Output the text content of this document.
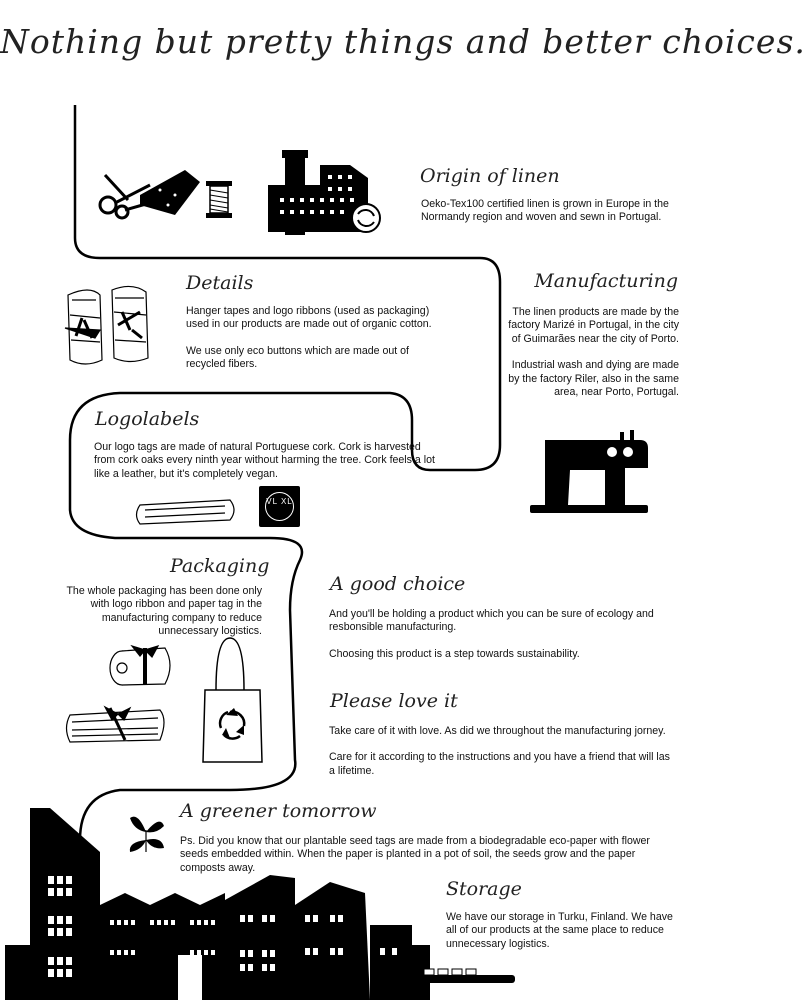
Nothing but pretty things and better choices.
Origin of linen

Oeko-Tex100 certified linen is grown in Europe in the Normandy region and woven and sewn in Portugal.

Details

Hanger tapes and logo ribbons (used as packaging) used in our products are made out of organic cotton.

We use only eco buttons which are made out of recycled fibers.

Manufacturing

The linen products are made by the factory Marizé in Portugal, in the city of Guimarães near the city of Porto.

Industrial wash and dying are made by the factory Riler, also in the same area, near Porto, Portugal.

Logolabels

Our logo tags are made of natural Portuguese cork. Cork is harvested from cork oaks every ninth year without harming the tree. Cork feels a lot like a leather, but it's completely vegan.

VL XL
Packaging

The whole packaging has been done only with logo ribbon and paper tag in the manufacturing company to reduce unnecessary logistics.

A good choice

And you'll be holding a product which you can be sure of ecology and resbonsible manufacturing.

Choosing this product is a step towards sustainability.

Please love it

Take care of it with love. As did we throughout the manufacturing jorney.

Care for it according to the instructions and you have a friend that will las a lifetime.

A greener tomorrow

Ps. Did you know that our plantable seed tags are made from a biodegradable eco-paper with flower seeds embedded within. When the paper is planted in a pot of soil, the seeds grow and the paper composts away.

Storage

We have our storage in Turku, Finland. We have all of our products at the same place to reduce unnecessary logistics.
